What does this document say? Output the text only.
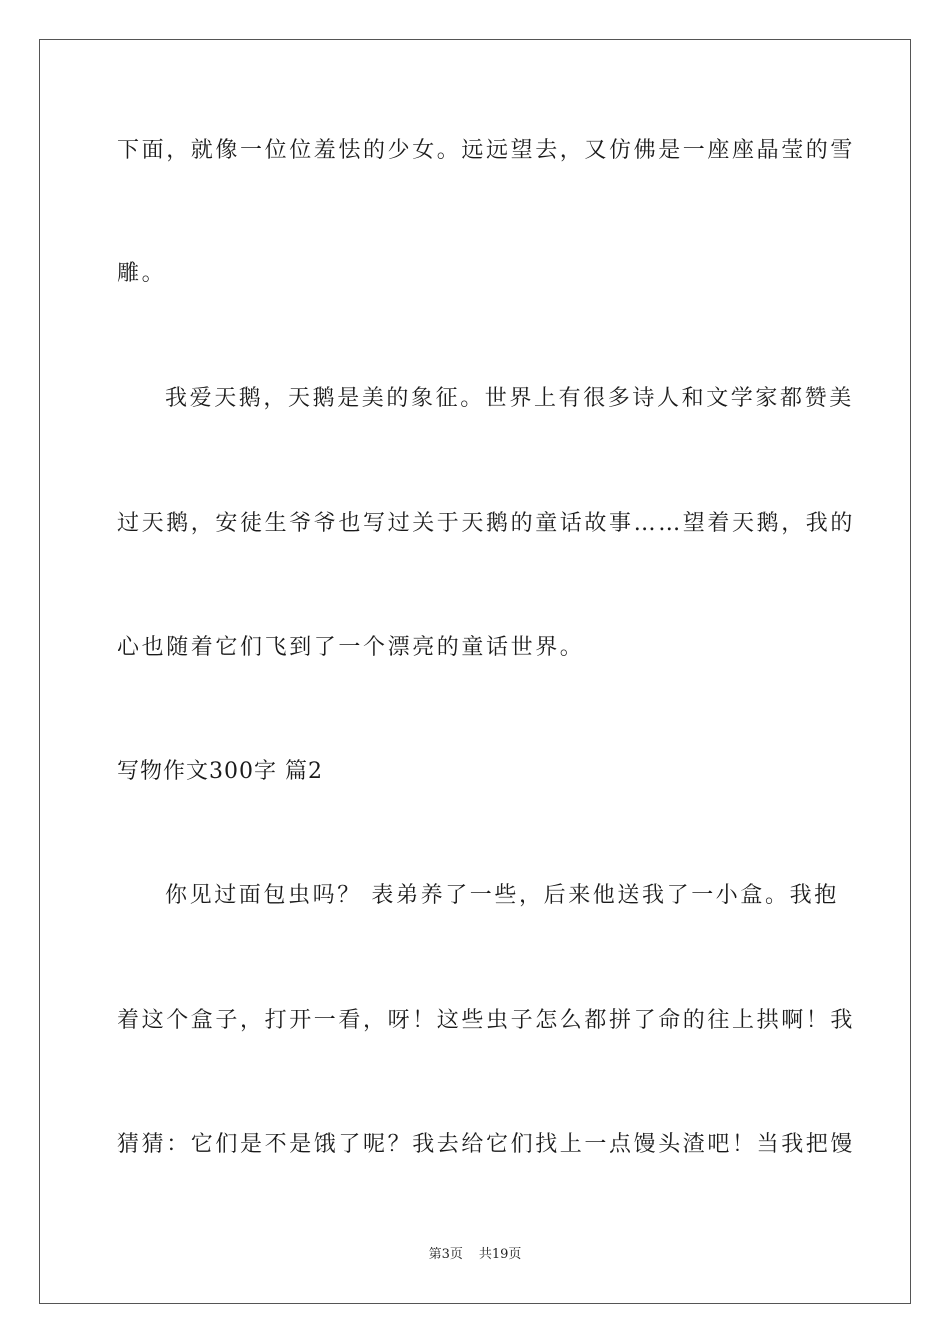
下面，就像一位位羞怯的少女。远远望去，又仿佛是一座座晶莹的雪
雕。
我爱天鹅，天鹅是美的象征。世界上有很多诗人和文学家都赞美
过天鹅，安徒生爷爷也写过关于天鹅的童话故事……望着天鹅，我的
心也随着它们飞到了一个漂亮的童话世界。
写物作文300字 篇2
你见过面包虫吗？ 表弟养了一些，后来他送我了一小盒。我抱
着这个盒子，打开一看，呀！这些虫子怎么都拼了命的往上拱啊！我
猜猜：它们是不是饿了呢？我去给它们找上一点馒头渣吧！当我把馒
第3页 共19页
